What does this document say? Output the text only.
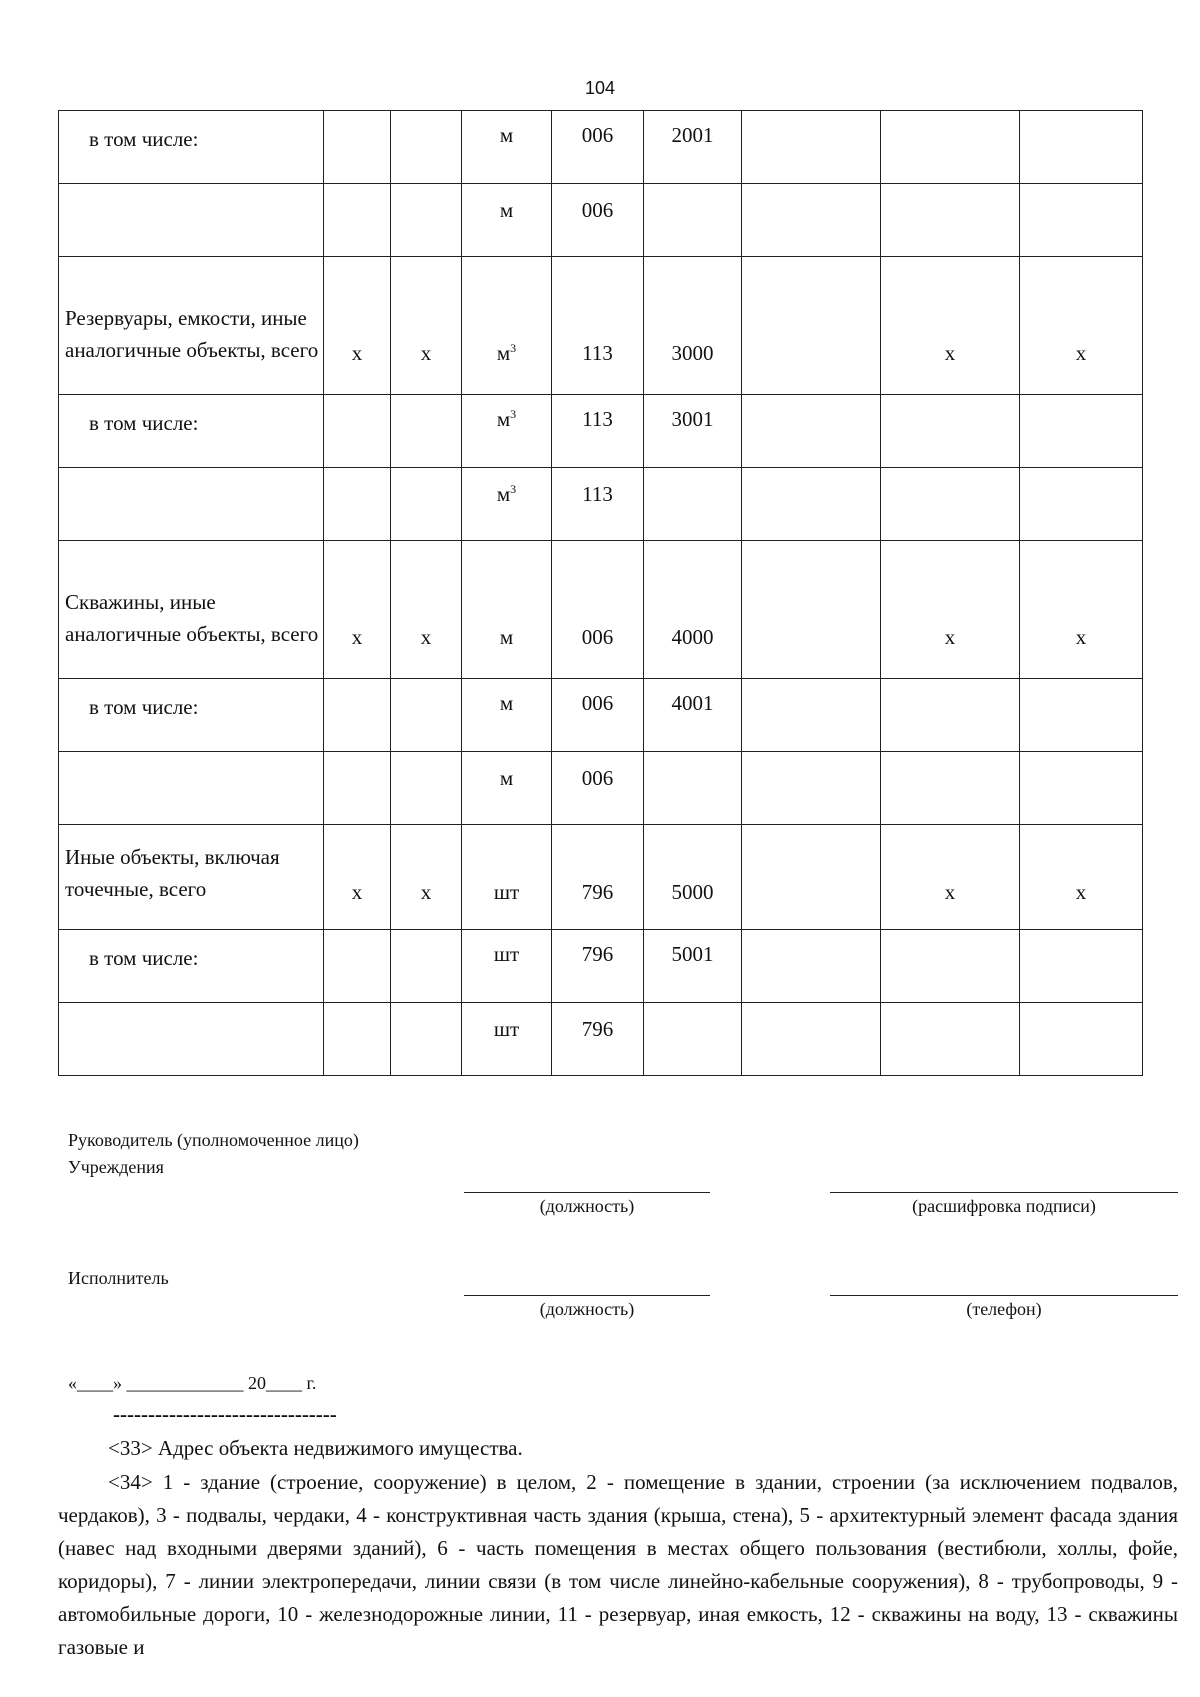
104
в том числе:			м	006	2001			
			м	006				
Резервуары, емкости, иные аналогичные объекты, всего	x	x	$м^3$	113	3000		x	x
в том числе:			$м^3$	113	3001			
			$м^3$	113				
Скважины, иные аналогичные объекты, всего	x	x	м	006	4000		x	x
в том числе:			м	006	4001			
			м	006				
Иные объекты, включая точечные, всего	x	x	шт	796	5000		x	x
в том числе:			шт	796	5001			
			шт	796				
Руководитель (уполномоченное лицо)
Учреждения
(должность)	(расшифровка подписи)
Исполнитель
(должность)	(телефон)
«____» _____________ 20____ г.
--------------------------------
<33> Адрес объекта недвижимого имущества.
<34> 1 - здание (строение, сооружение) в целом, 2 - помещение в здании, строении (за исключением подвалов, чердаков), 3 - подвалы, чердаки, 4 - конструктивная часть здания (крыша, стена), 5 - архитектурный элемент фасада здания (навес над входными дверями зданий), 6 - часть помещения в местах общего пользования (вестибюли, холлы, фойе, коридоры), 7 - линии электропередачи, линии связи (в том числе линейно-кабельные сооружения), 8 - трубопроводы, 9 - автомобильные дороги, 10 - железнодорожные линии, 11 - резервуар, иная емкость, 12 - скважины на воду, 13 - скважины газовые и
